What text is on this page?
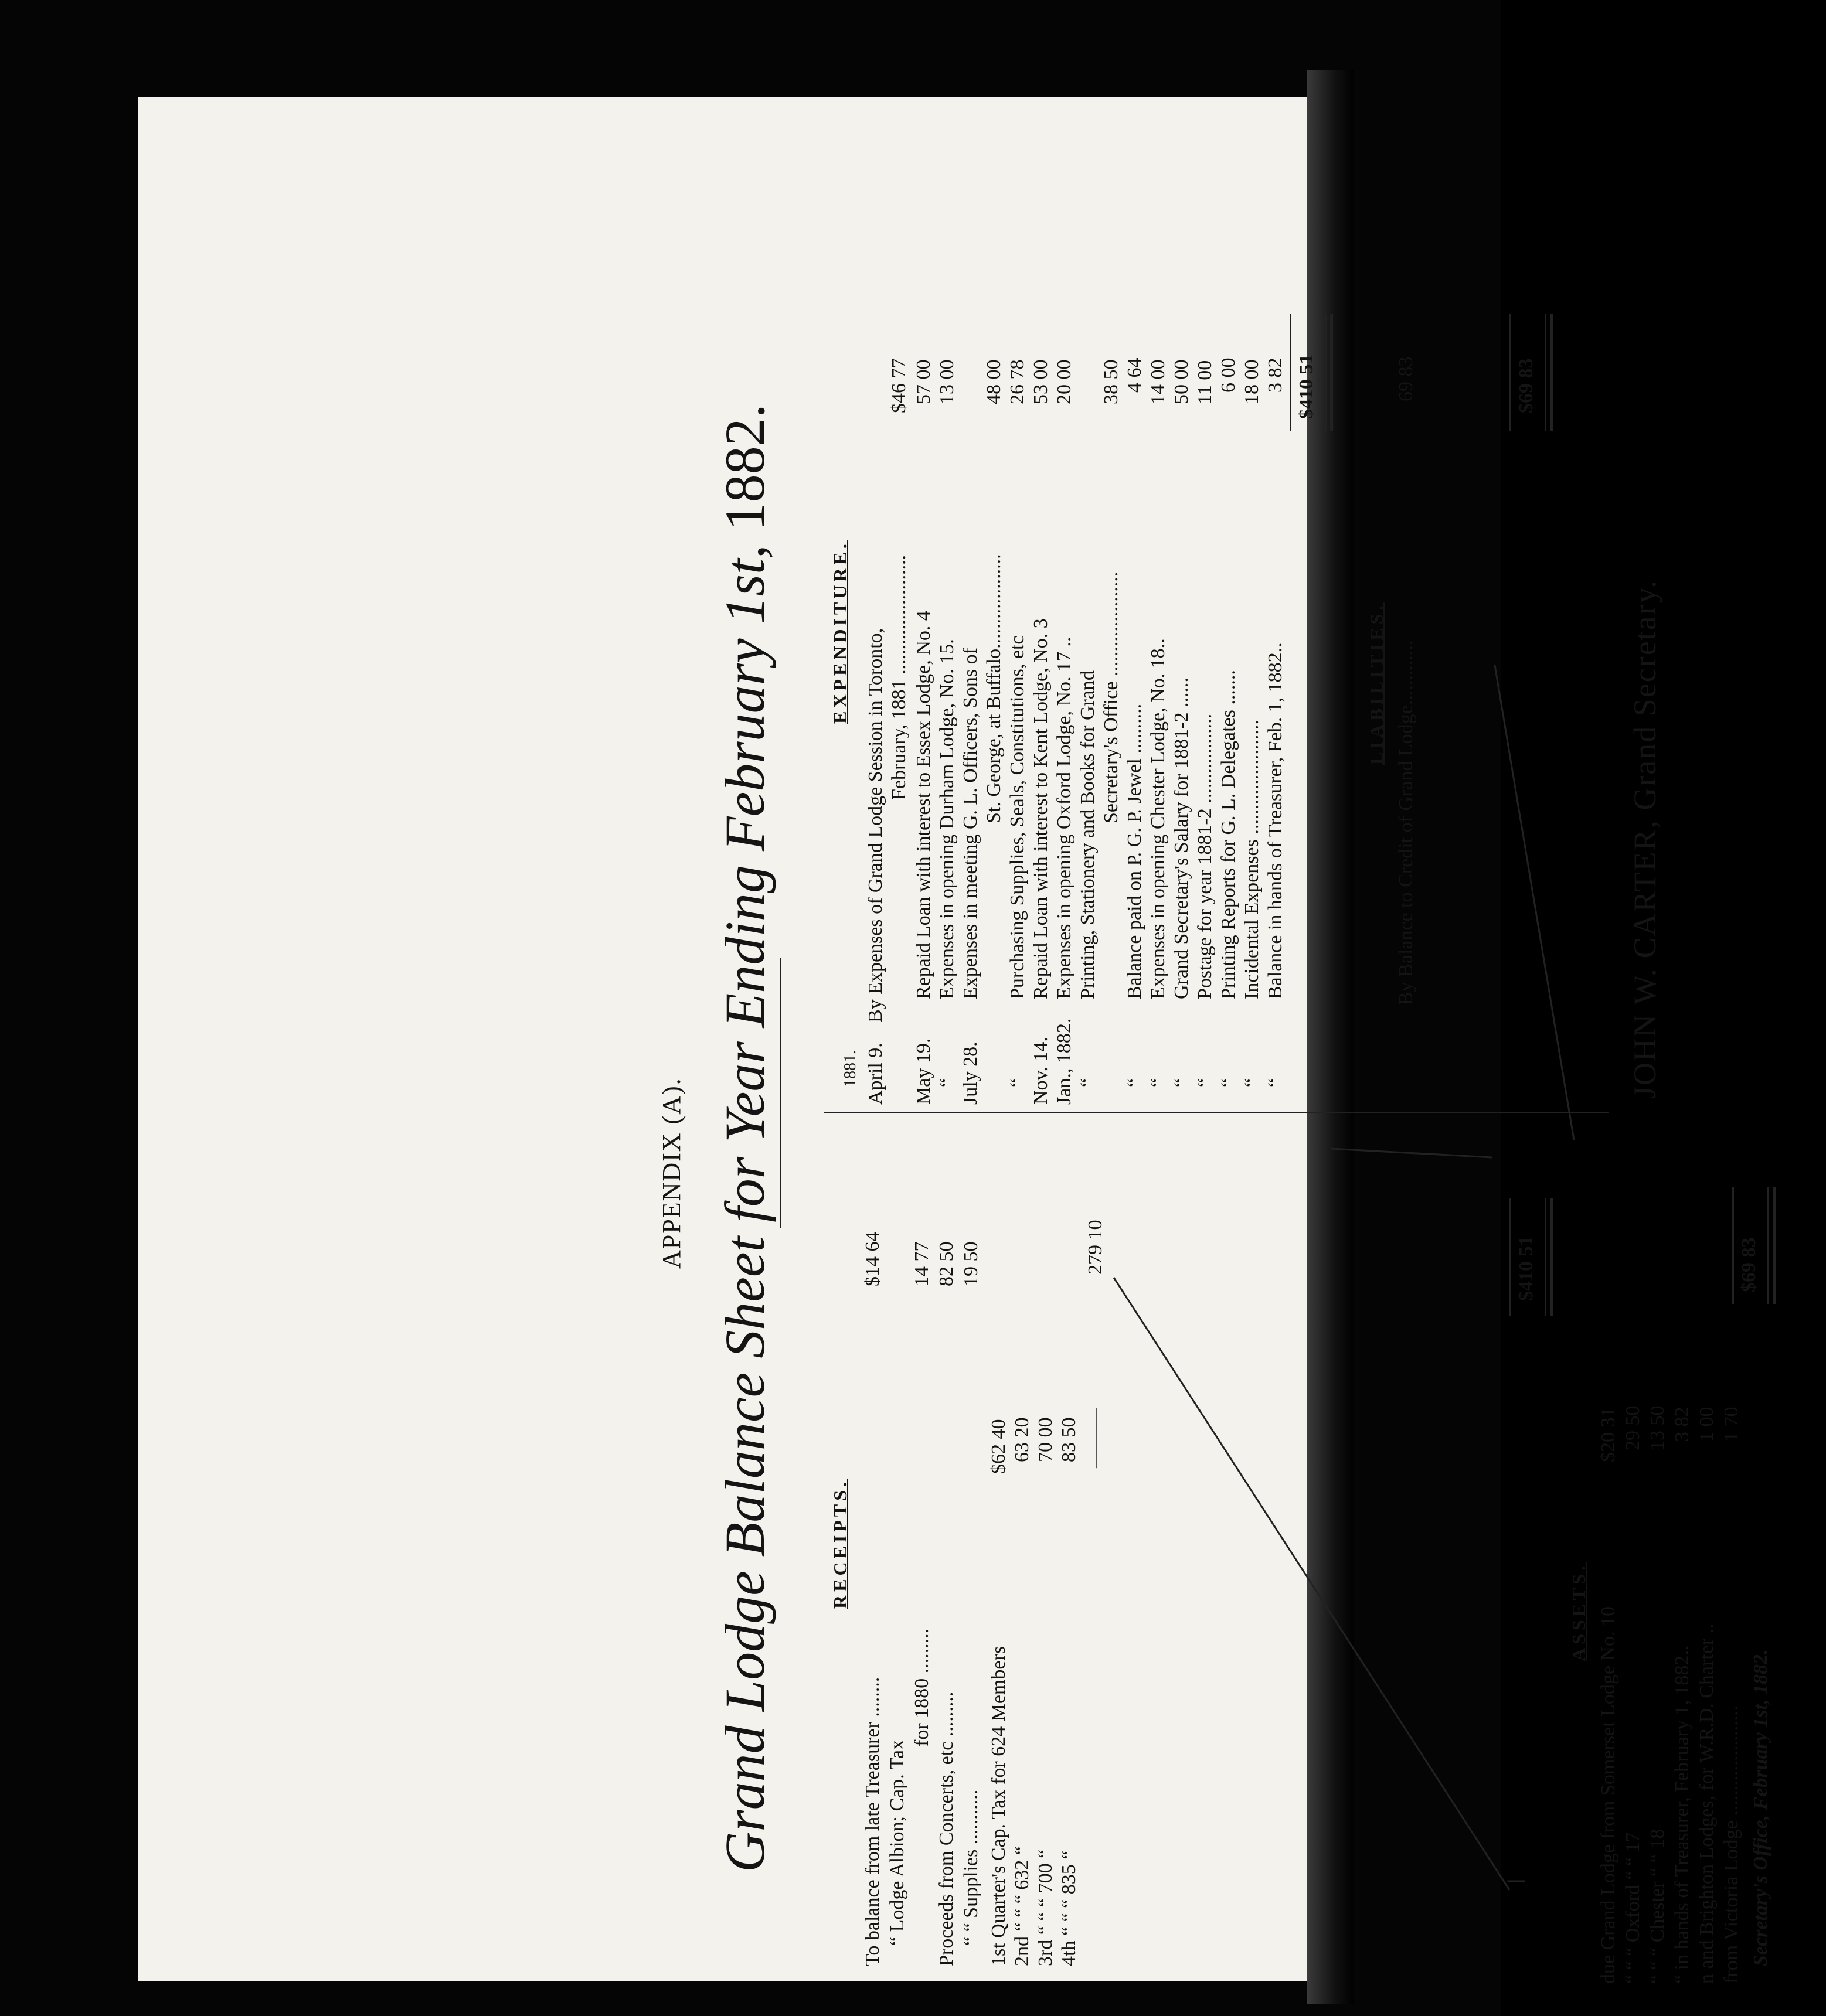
APPENDIX (A). Grand Lodge Balance Sheet for Year Ending February 1st, 1882.
RECEIPTS.
To balance from late Treasurer ........
$14 64
“ Lodge Albion; Cap. Tax
for 1880 .........
14 77
Proceeds from Concerts, etc .........
82 50
“ “ Supplies ...........
19 50
1st Quarter's Cap. Tax for 624 Members
$62 40
2nd “ “ “ 632 “
63 20
3rd “ “ “ 700 “
70 00
4th “ “ “ 835 “
83 50 ———
279 10	$410 51
ASSETS. due Grand Lodge from Somerset Lodge No. 10
$20 31
“ “ “ Oxford “ “ 17
29 50
“ “ “ Chester “ “ 18
13 50
“ in hands of Treasurer, February 1, 1882..
3 82
n and Brighton Lodges, for W.R.D. Charter ..
1 00
from Victoria Lodge ......................
1 70
$69 83
EXPENDITURE.
1881. April 9.
By Expenses of Grand Lodge Session in Toronto, February, 1881 ........................
$46 77
May 19.
Repaid Loan with interest to Essex Lodge, No. 4
57 00
“
Expenses in opening Durham Lodge, No. 15.
13 00
July 28.
Expenses in meeting G. L. Officers, Sons of St. George, at Buffalo...................
48 00
“
Purchasing Supplies, Seals, Constitutions, etc
26 78
Nov. 14.
Repaid Loan with interest to Kent Lodge, No. 3
53 00
Jan., 1882.
Expenses in opening Oxford Lodge, No. 17 ..
20 00
“
Printing, Stationery and Books for Grand Secretary's Office .....................
38 50
“
Balance paid on P. G. P. Jewel ..........
4 64
“
Expenses in opening Chester Lodge, No. 18..
14 00
“
Grand Secretary's Salary for 1881-2 ......
50 00
“
Postage for year 1881-2 ..................
11 00
“
Printing Reports for G. L. Delegates .......
6 00
“
Incidental Expenses .......................
18 00
“
Balance in hands of Treasurer, Feb. 1, 1882..
3 82 $410 51
LIABILITIES. By Balance to Credit of Grand Lodge.............
69 83	$69 83
JOHN W. CARTER, Grand Secretary.
Secretary's Office, February 1st, 1882.
